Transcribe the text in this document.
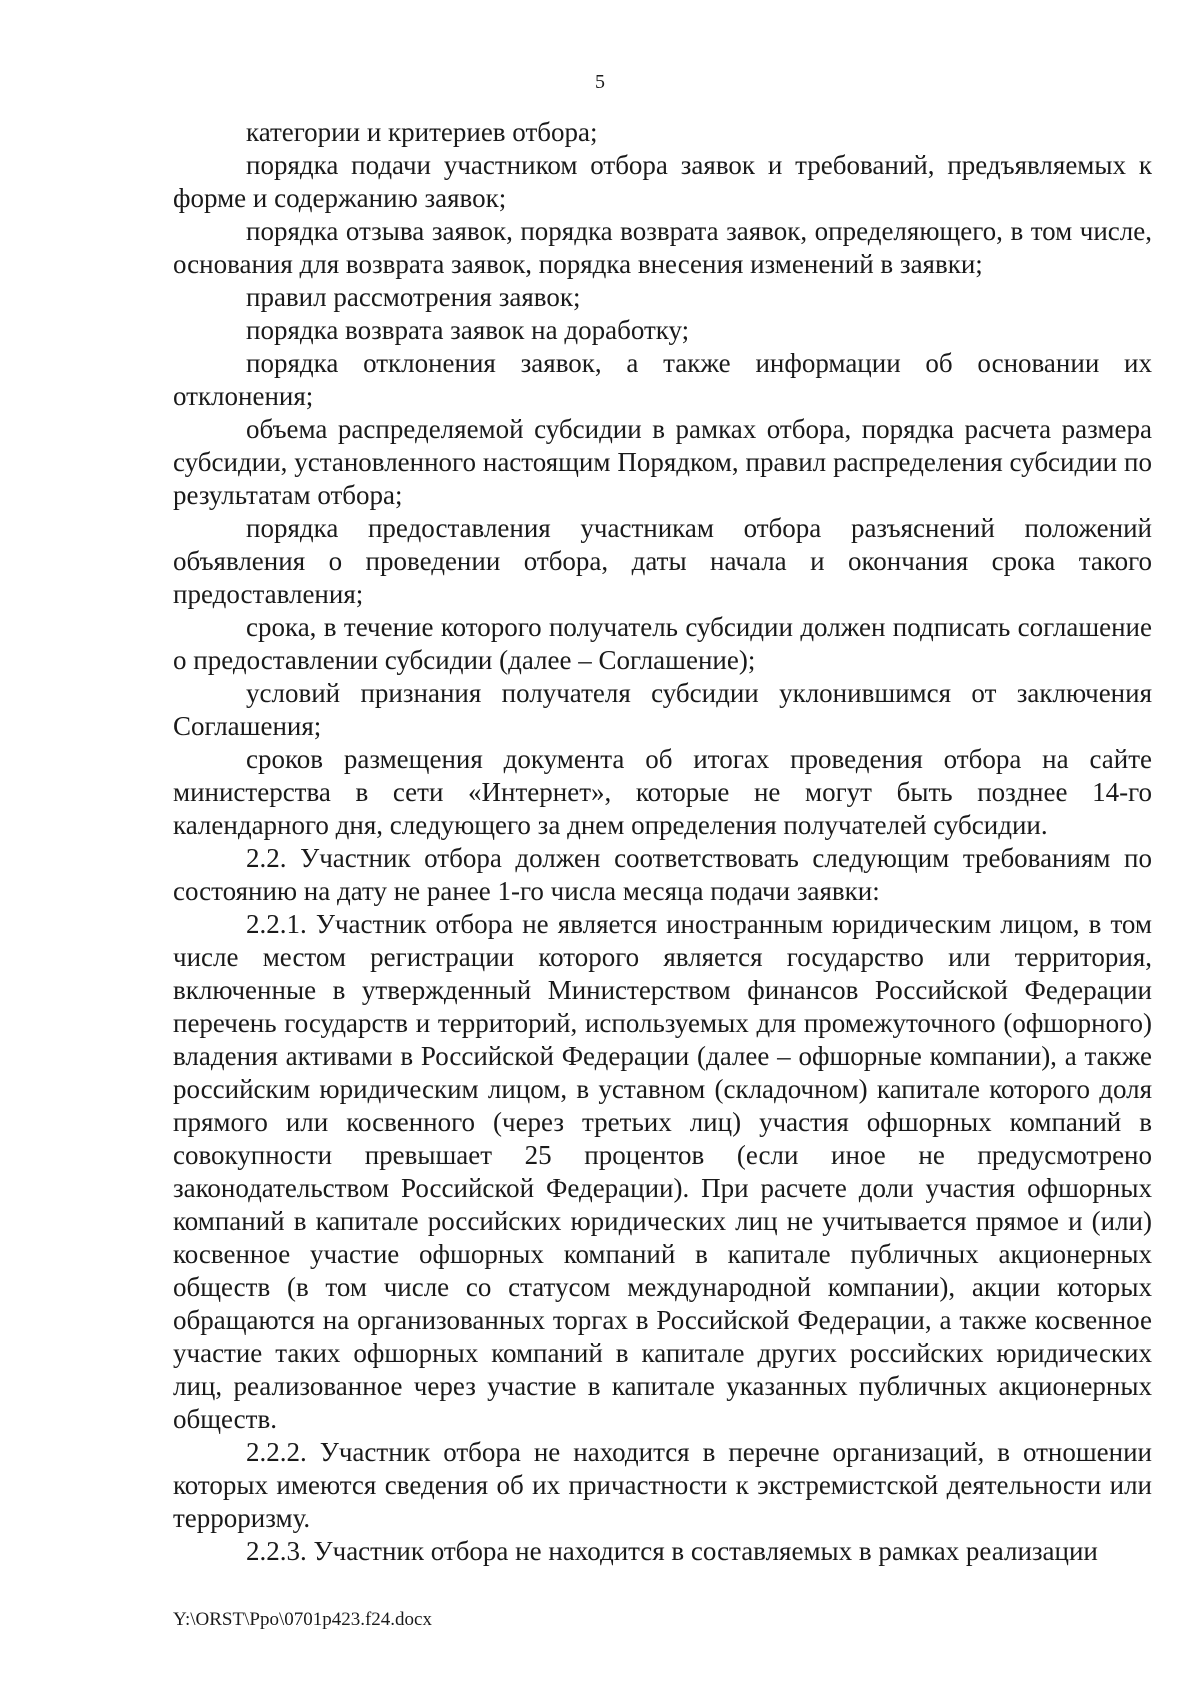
5

категории и критериев отбора;

порядка подачи участником отбора заявок и требований, предъявляемых к форме и содержанию заявок;

порядка отзыва заявок, порядка возврата заявок, определяющего, в том числе, основания для возврата заявок, порядка внесения изменений в заявки;

правил рассмотрения заявок;

порядка возврата заявок на доработку;

порядка отклонения заявок, а также информации об основании их отклонения;

объема распределяемой субсидии в рамках отбора, порядка расчета размера субсидии, установленного настоящим Порядком, правил распределения субсидии по результатам отбора;

порядка предоставления участникам отбора разъяснений положений объявления о проведении отбора, даты начала и окончания срока такого предоставления;

срока, в течение которого получатель субсидии должен подписать соглашение о предоставлении субсидии (далее – Соглашение);

условий признания получателя субсидии уклонившимся от заключения Соглашения;

сроков размещения документа об итогах проведения отбора на сайте министерства в сети «Интернет», которые не могут быть позднее 14-го календарного дня, следующего за днем определения получателей субсидии.

2.2. Участник отбора должен соответствовать следующим требованиям по состоянию на дату не ранее 1-го числа месяца подачи заявки:

2.2.1. Участник отбора не является иностранным юридическим лицом, в том числе местом регистрации которого является государство или территория, включенные в утвержденный Министерством финансов Российской Федерации перечень государств и территорий, используемых для промежуточного (офшорного) владения активами в Российской Федерации (далее – офшорные компании), а также российским юридическим лицом, в уставном (складочном) капитале которого доля прямого или косвенного (через третьих лиц) участия офшорных компаний в совокупности превышает 25 процентов (если иное не предусмотрено законодательством Российской Федерации). При расчете доли участия офшорных компаний в капитале российских юридических лиц не учитывается прямое и (или) косвенное участие офшорных компаний в капитале публичных акционерных обществ (в том числе со статусом международной компании), акции которых обращаются на организованных торгах в Российской Федерации, а также косвенное участие таких офшорных компаний в капитале других российских юридических лиц, реализованное через участие в капитале указанных публичных акционерных обществ.

2.2.2. Участник отбора не находится в перечне организаций, в отношении которых имеются сведения об их причастности к экстремистской деятельности или терроризму.

2.2.3. Участник отбора не находится в составляемых в рамках реализации

Y:\ORST\Ppo\0701p423.f24.docx
